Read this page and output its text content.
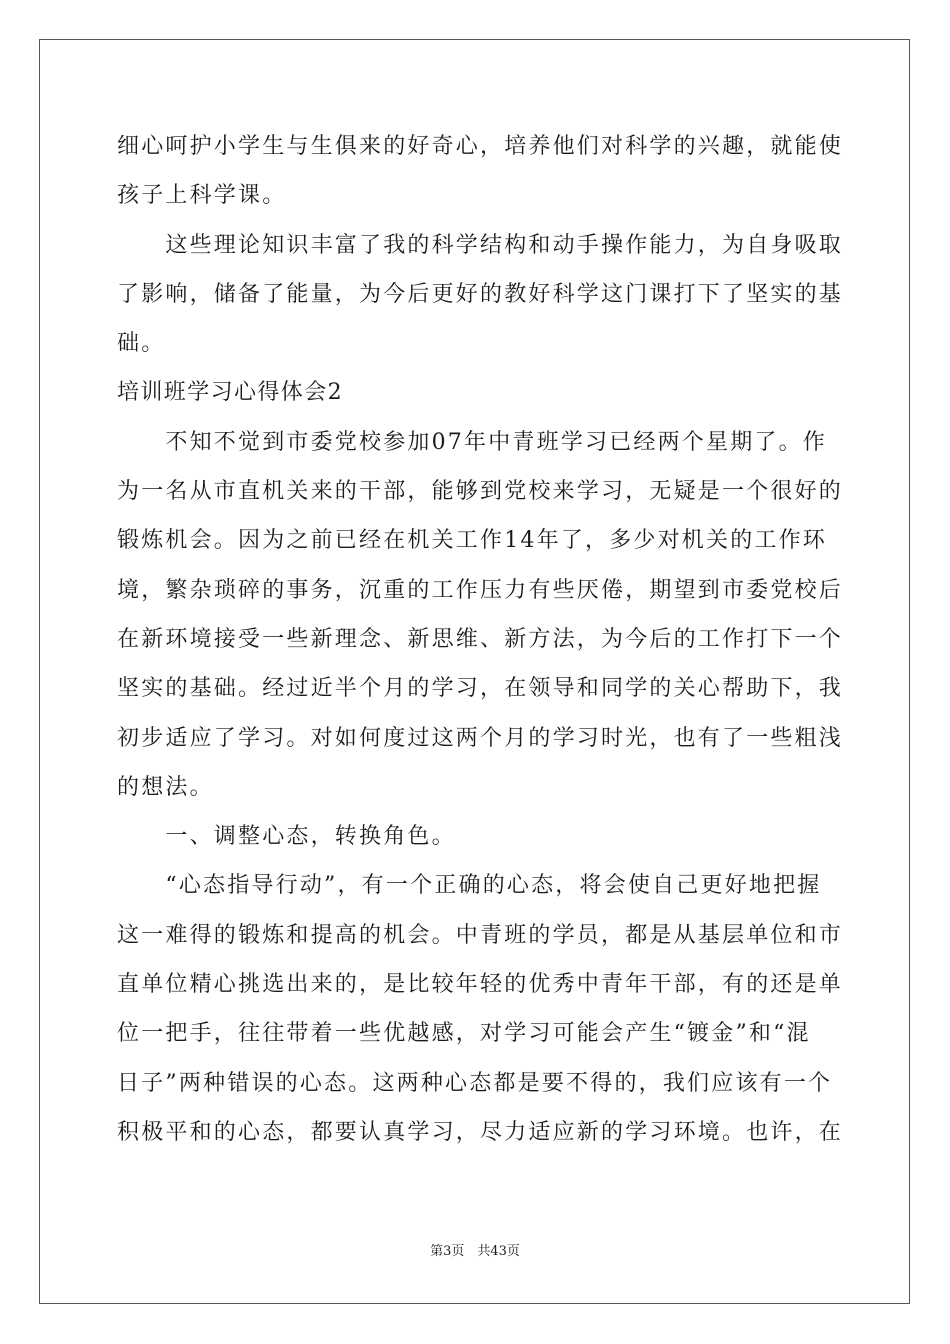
细心呵护小学生与生俱来的好奇心，培养他们对科学的兴趣，就能使
孩子上科学课。
　　这些理论知识丰富了我的科学结构和动手操作能力，为自身吸取
了影响，储备了能量，为今后更好的教好科学这门课打下了坚实的基
础。
培训班学习心得体会2
　　不知不觉到市委党校参加07年中青班学习已经两个星期了。作
为一名从市直机关来的干部，能够到党校来学习，无疑是一个很好的
锻炼机会。因为之前已经在机关工作14年了，多少对机关的工作环
境，繁杂琐碎的事务，沉重的工作压力有些厌倦，期望到市委党校后
在新环境接受一些新理念、新思维、新方法，为今后的工作打下一个
坚实的基础。经过近半个月的学习，在领导和同学的关心帮助下，我
初步适应了学习。对如何度过这两个月的学习时光，也有了一些粗浅
的想法。
　　一、调整心态，转换角色。
　　“心态指导行动”，有一个正确的心态，将会使自己更好地把握
这一难得的锻炼和提高的机会。中青班的学员，都是从基层单位和市
直单位精心挑选出来的，是比较年轻的优秀中青年干部，有的还是单
位一把手，往往带着一些优越感，对学习可能会产生“镀金”和“混
日子”两种错误的心态。这两种心态都是要不得的，我们应该有一个
积极平和的心态，都要认真学习，尽力适应新的学习环境。也许，在
第3页　共43页
